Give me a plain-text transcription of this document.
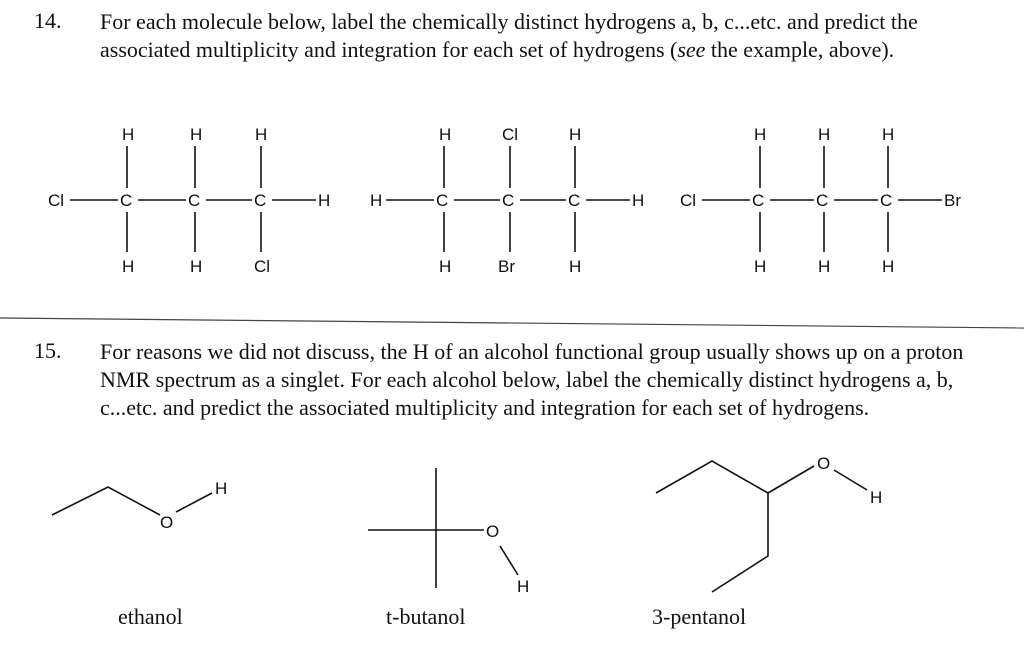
14. For each molecule below, label the chemically distinct hydrogens a, b, c...etc. and predict the associated multiplicity and integration for each set of hydrogens (see the example, above).
15. For reasons we did not discuss, the H of an alcohol functional group usually shows up on a proton NMR spectrum as a singlet. For each alcohol below, label the chemically distinct hydrogens a, b, c...etc. and predict the associated multiplicity and integration for each set of hydrogens.
Cl	C	C	C	H
H	H	H
H	H	Cl
H	C	C	C	H
H	Cl	H
H	Br	H
Cl	C	C	C	Br
H	H	H
H	H	H
O
H
O
H
O
H
ethanol	t-butanol	3-pentanol
